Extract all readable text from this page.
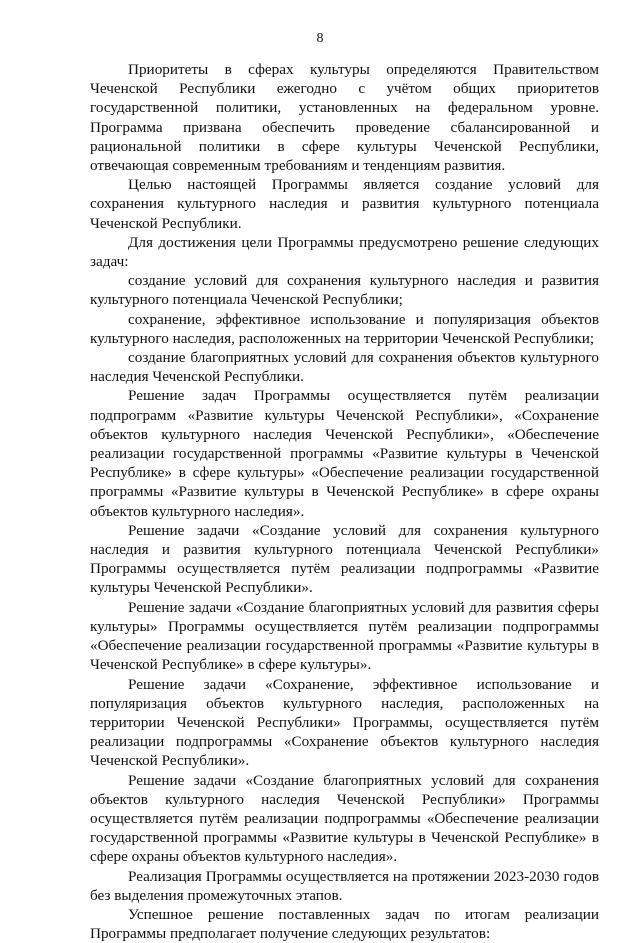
8

Приоритеты в сферах культуры определяются Правительством Чеченской Республики ежегодно с учётом общих приоритетов государственной политики, установленных на федеральном уровне. Программа призвана обеспечить проведение сбалансированной и рациональной политики в сфере культуры Чеченской Республики, отвечающая современным требованиям и тенденциям развития.

Целью настоящей Программы является создание условий для сохранения культурного наследия и развития культурного потенциала Чеченской Республики.

Для достижения цели Программы предусмотрено решение следующих задач:

создание условий для сохранения культурного наследия и развития культурного потенциала Чеченской Республики;

сохранение, эффективное использование и популяризация объектов культурного наследия, расположенных на территории Чеченской Республики;

создание благоприятных условий для сохранения объектов культурного наследия Чеченской Республики.

Решение задач Программы осуществляется путём реализации подпрограмм «Развитие культуры Чеченской Республики», «Сохранение объектов культурного наследия Чеченской Республики», «Обеспечение реализации государственной программы «Развитие культуры в Чеченской Республике» в сфере культуры» «Обеспечение реализации государственной программы «Развитие культуры в Чеченской Республике» в сфере охраны объектов культурного наследия».

Решение задачи «Создание условий для сохранения культурного наследия и развития культурного потенциала Чеченской Республики» Программы осуществляется путём реализации подпрограммы «Развитие культуры Чеченской Республики».

Решение задачи «Создание благоприятных условий для развития сферы культуры» Программы осуществляется путём реализации подпрограммы «Обеспечение реализации государственной программы «Развитие культуры в Чеченской Республике» в сфере культуры».

Решение задачи «Сохранение, эффективное использование и популяризация объектов культурного наследия, расположенных на территории Чеченской Республики» Программы, осуществляется путём реализации подпрограммы «Сохранение объектов культурного наследия Чеченской Республики».

Решение задачи «Создание благоприятных условий для сохранения объектов культурного наследия Чеченской Республики» Программы осуществляется путём реализации подпрограммы «Обеспечение реализации государственной программы «Развитие культуры в Чеченской Республике» в сфере охраны объектов культурного наследия».

Реализация Программы осуществляется на протяжении 2023-2030 годов без выделения промежуточных этапов.

Успешное решение поставленных задач по итогам реализации Программы предполагает получение следующих результатов:
